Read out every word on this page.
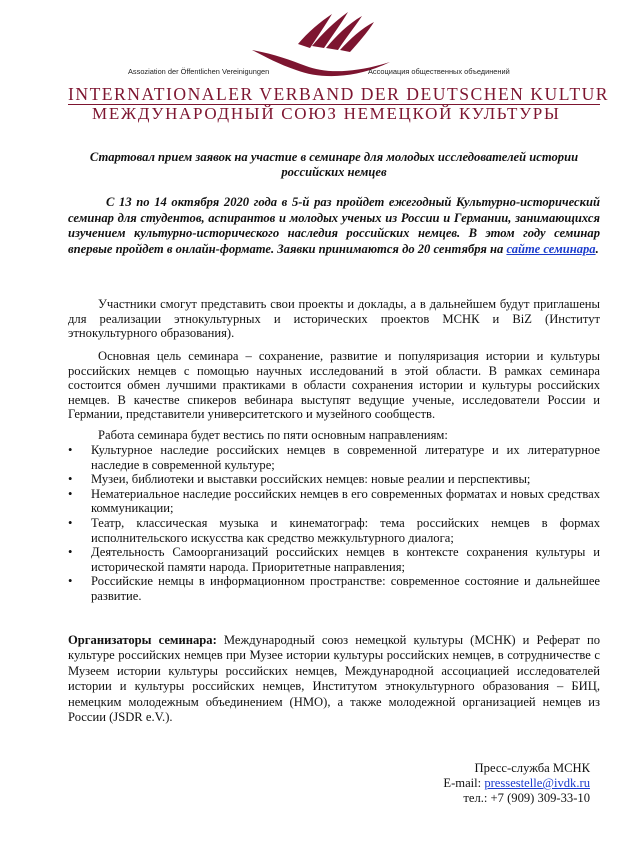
Assoziation der Öffentlichen Vereinigungen	Ассоциация общественных объединений
INTERNATIONALER VERBAND DER DEUTSCHEN KULTUR
МЕЖДУНАРОДНЫЙ СОЮЗ НЕМЕЦКОЙ КУЛЬТУРЫ

Стартовал прием заявок на участие в семинаре для молодых исследователей истории российских немцев

С 13 по 14 октября 2020 года в 5-й раз пройдет ежегодный Культурно-исторический семинар для студентов, аспирантов и молодых ученых из России и Германии, занимающихся изучением культурно-исторического наследия российских немцев. В этом году семинар впервые пройдет в онлайн-формате. Заявки принимаются до 20 сентября на сайте семинара.

Участники смогут представить свои проекты и доклады, а в дальнейшем будут приглашены для реализации этнокультурных и исторических проектов МСНК и BiZ (Институт этнокультурного образования).

Основная цель семинара – сохранение, развитие и популяризация истории и культуры российских немцев с помощью научных исследований в этой области. В рамках семинара состоится обмен лучшими практиками в области сохранения истории и культуры российских немцев. В качестве спикеров вебинара выступят ведущие ученые, исследователи России и Германии, представители университетского и музейного сообществ.

Работа семинара будет вестись по пяти основным направлениям:

• Культурное наследие российских немцев в современной литературе и их литературное наследие в современной культуре;
• Музеи, библиотеки и выставки российских немцев: новые реалии и перспективы;
• Нематериальное наследие российских немцев в его современных форматах и новых средствах коммуникации;
• Театр, классическая музыка и кинематограф: тема российских немцев в формах исполнительского искусства как средство межкультурного диалога;
• Деятельность Самоорганизаций российских немцев в контексте сохранения культуры и исторической памяти народа. Приоритетные направления;
• Российские немцы в информационном пространстве: современное состояние и дальнейшее развитие.

Организаторы семинара: Международный союз немецкой культуры (МСНК) и Реферат по культуре российских немцев при Музее истории культуры российских немцев, в сотрудничестве с Музеем истории культуры российских немцев, Международной ассоциацией исследователей истории и культуры российских немцев, Институтом этнокультурного образования – БИЦ, немецким молодежным объединением (НМО), а также молодежной организацией немцев из России (JSDR e.V.).

Пресс-служба МСНК
E-mail: pressestelle@ivdk.ru
тел.: +7 (909) 309-33-10
